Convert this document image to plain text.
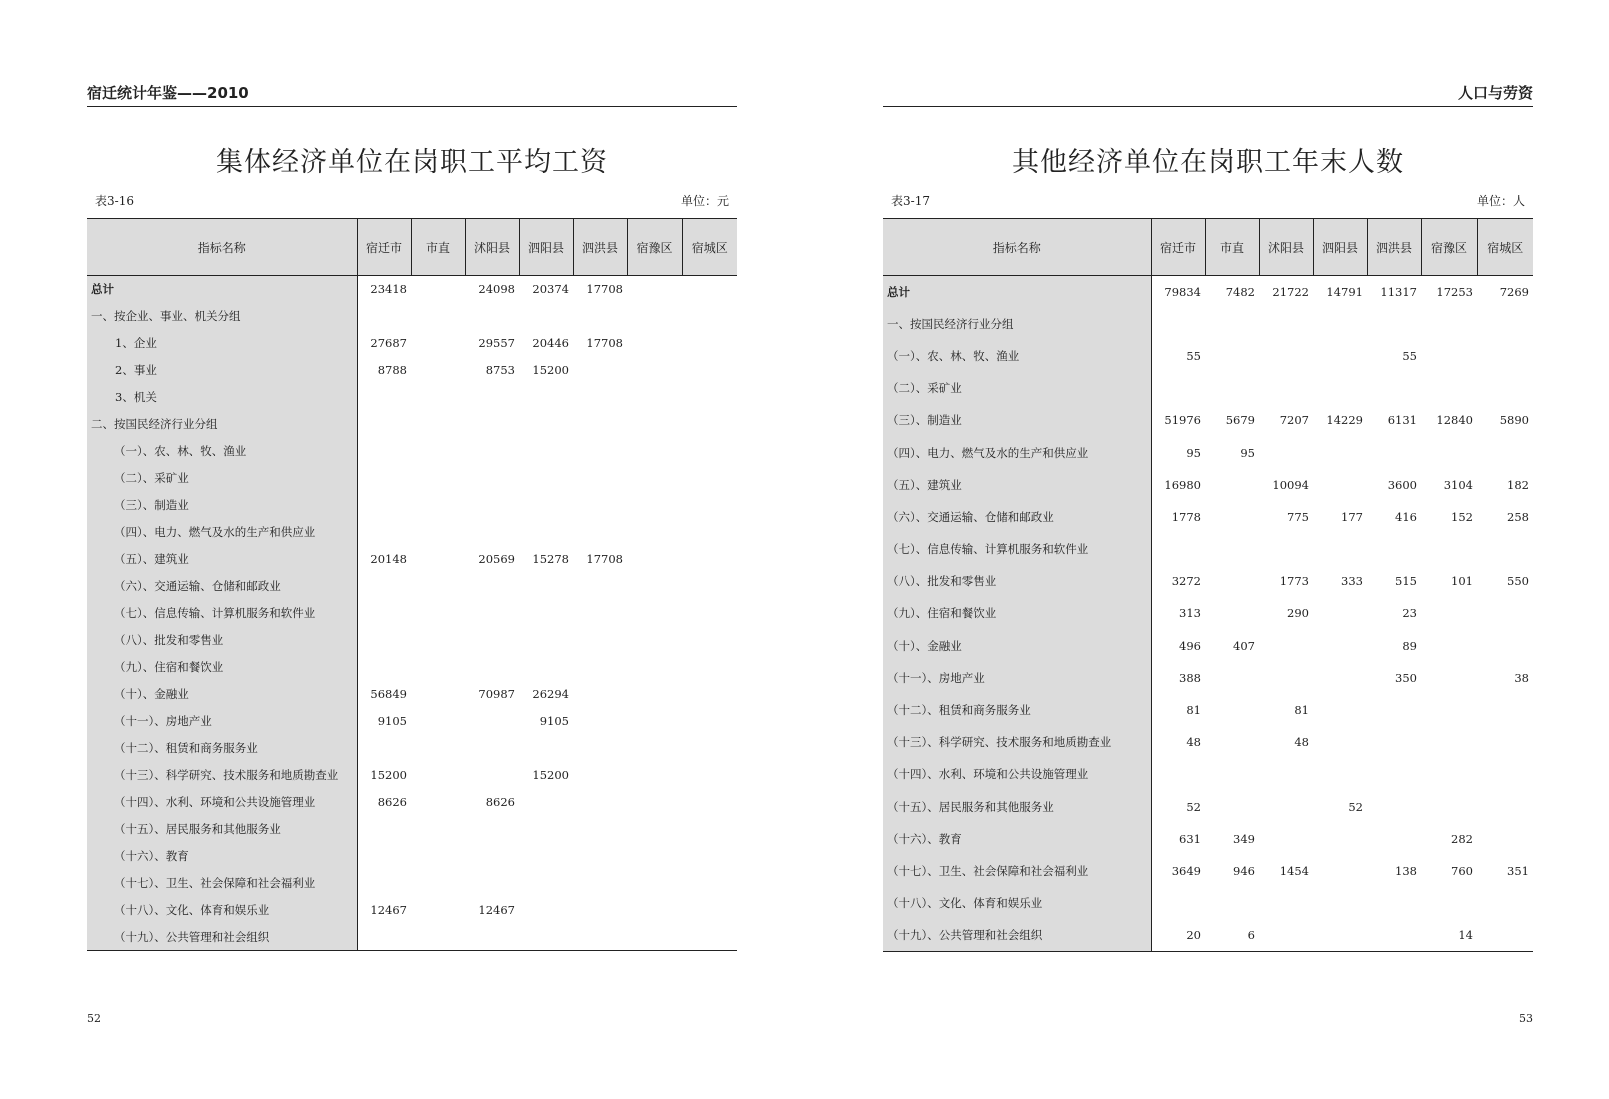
宿迁统计年鉴——2010
集体经济单位在岗职工平均工资
表3-16	单位：元
指标名称	宿迁市	市直	沭阳县	泗阳县	泗洪县	宿豫区	宿城区
总计	23418		24098	20374	17708		
一、按企业、事业、机关分组							
1、企业	27687		29557	20446	17708		
2、事业	8788		8753	15200			
3、机关							
二、按国民经济行业分组							
（一）、农、林、牧、渔业							
（二）、采矿业							
（三）、制造业							
（四）、电力、燃气及水的生产和供应业							
（五）、建筑业	20148		20569	15278	17708		
（六）、交通运输、仓储和邮政业							
（七）、信息传输、计算机服务和软件业							
（八）、批发和零售业							
（九）、住宿和餐饮业							
（十）、金融业	56849		70987	26294			
（十一）、房地产业	9105			9105			
（十二）、租赁和商务服务业							
（十三）、科学研究、技术服务和地质勘查业	15200			15200			
（十四）、水利、环境和公共设施管理业	8626		8626				
（十五）、居民服务和其他服务业							
（十六）、教育							
（十七）、卫生、社会保障和社会福利业							
（十八）、文化、体育和娱乐业	12467		12467				
（十九）、公共管理和社会组织							
52
人口与劳资
其他经济单位在岗职工年末人数
表3-17	单位：人
指标名称	宿迁市	市直	沭阳县	泗阳县	泗洪县	宿豫区	宿城区
总计	79834	7482	21722	14791	11317	17253	7269
一、按国民经济行业分组							
（一）、农、林、牧、渔业	55				55		
（二）、采矿业							
（三）、制造业	51976	5679	7207	14229	6131	12840	5890
（四）、电力、燃气及水的生产和供应业	95	95					
（五）、建筑业	16980		10094		3600	3104	182
（六）、交通运输、仓储和邮政业	1778		775	177	416	152	258
（七）、信息传输、计算机服务和软件业							
（八）、批发和零售业	3272		1773	333	515	101	550
（九）、住宿和餐饮业	313		290		23		
（十）、金融业	496	407			89		
（十一）、房地产业	388				350		38
（十二）、租赁和商务服务业	81		81				
（十三）、科学研究、技术服务和地质勘查业	48		48				
（十四）、水利、环境和公共设施管理业							
（十五）、居民服务和其他服务业	52			52			
（十六）、教育	631	349				282	
（十七）、卫生、社会保障和社会福利业	3649	946	1454		138	760	351
（十八）、文化、体育和娱乐业							
（十九）、公共管理和社会组织	20	6				14	
53
